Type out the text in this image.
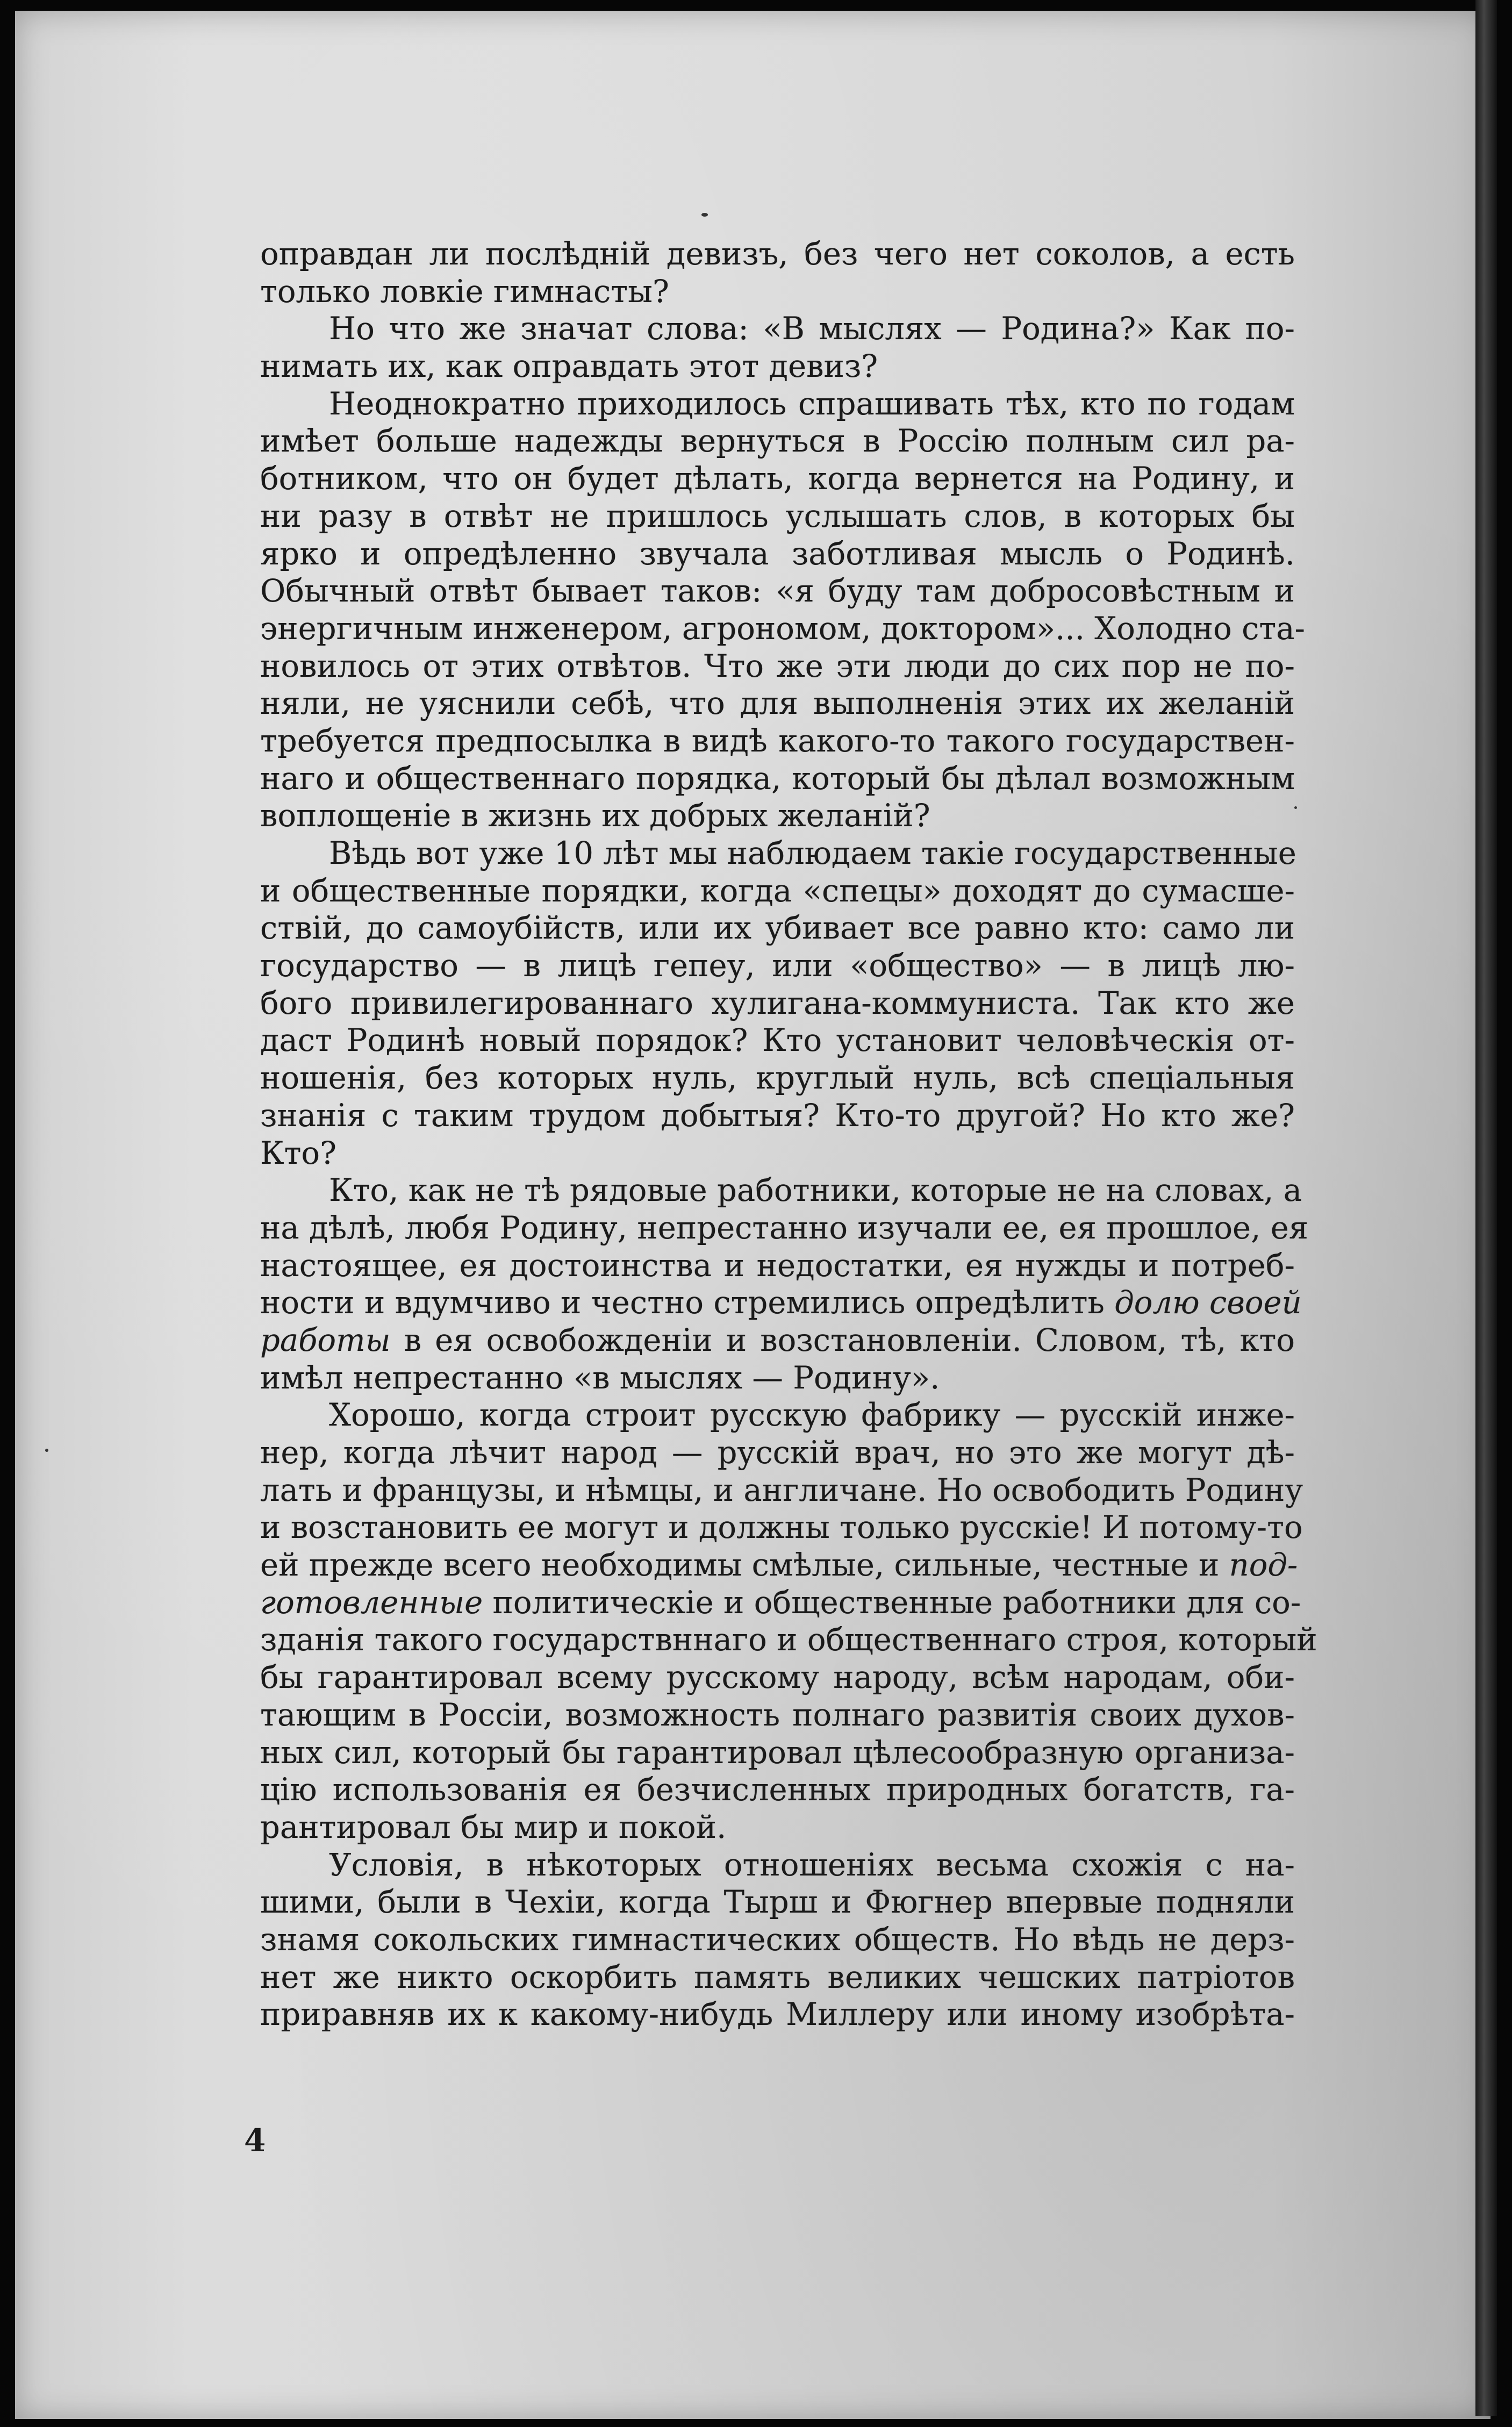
оправдан ли послѣдній девизъ, без чего нет соколов, а есть
только ловкіе гимнасты?
Но что же значат слова: «В мыслях — Родина?» Как по-
нимать их, как оправдать этот девиз?
Неоднократно приходилось спрашивать тѣх, кто по годам
имѣет больше надежды вернуться в Россію полным сил ра-
ботником, что он будет дѣлать, когда вернется на Родину, и
ни разу в отвѣт не пришлось услышать слов, в которых бы
ярко и опредѣленно звучала заботливая мысль о Родинѣ.
Обычный отвѣт бывает таков: «я буду там добросовѣстным и
энергичным инженером, агрономом, доктором»... Холодно ста-
новилось от этих отвѣтов. Что же эти люди до сих пор не по-
няли, не уяснили себѣ, что для выполненія этих их желаній
требуется предпосылка в видѣ какого-то такого государствен-
наго и общественнаго порядка, который бы дѣлал возможным
воплощеніе в жизнь их добрых желаній?
Вѣдь вот уже 10 лѣт мы наблюдаем такіе государственные
и общественные порядки, когда «спецы» доходят до сумасше-
ствій, до самоубійств, или их убивает все равно кто: само ли
государство — в лицѣ гепеу, или «общество» — в лицѣ лю-
бого привилегированнаго хулигана-коммуниста. Так кто же
даст Родинѣ новый порядок? Кто установит человѣческія от-
ношенія, без которых нуль, круглый нуль, всѣ спеціальныя
знанія с таким трудом добытыя? Кто-то другой? Но кто же?
Кто?
Кто, как не тѣ рядовые работники, которые не на словах, а
на дѣлѣ, любя Родину, непрестанно изучали ее, ея прошлое, ея
настоящее, ея достоинства и недостатки, ея нужды и потреб-
ности и вдумчиво и честно стремились опредѣлить долю своей
работы в ея освобожденіи и возстановленіи. Словом, тѣ, кто
имѣл непрестанно «в мыслях — Родину».
Хорошо, когда строит русскую фабрику — русскій инже-
нер, когда лѣчит народ — русскій врач, но это же могут дѣ-
лать и французы, и нѣмцы, и англичане. Но освободить Родину
и возстановить ее могут и должны только русскіе! И потому-то
ей прежде всего необходимы смѣлые, сильные, честные и под-
готовленные политическіе и общественные работники для со-
зданія такого государствннаго и общественнаго строя, который
бы гарантировал всему русскому народу, всѣм народам, оби-
тающим в Россіи, возможность полнаго развитія своих духов-
ных сил, который бы гарантировал цѣлесообразную организа-
цію использованія ея безчисленных природных богатств, га-
рантировал бы мир и покой.
Условія, в нѣкоторых отношеніях весьма схожія с на-
шими, были в Чехіи, когда Тырш и Фюгнер впервые подняли
знамя сокольских гимнастических обществ. Но вѣдь не дерз-
нет же никто оскорбить память великих чешских патріотов
приравняв их к какому-нибудь Миллеру или иному изобрѣта-
4
